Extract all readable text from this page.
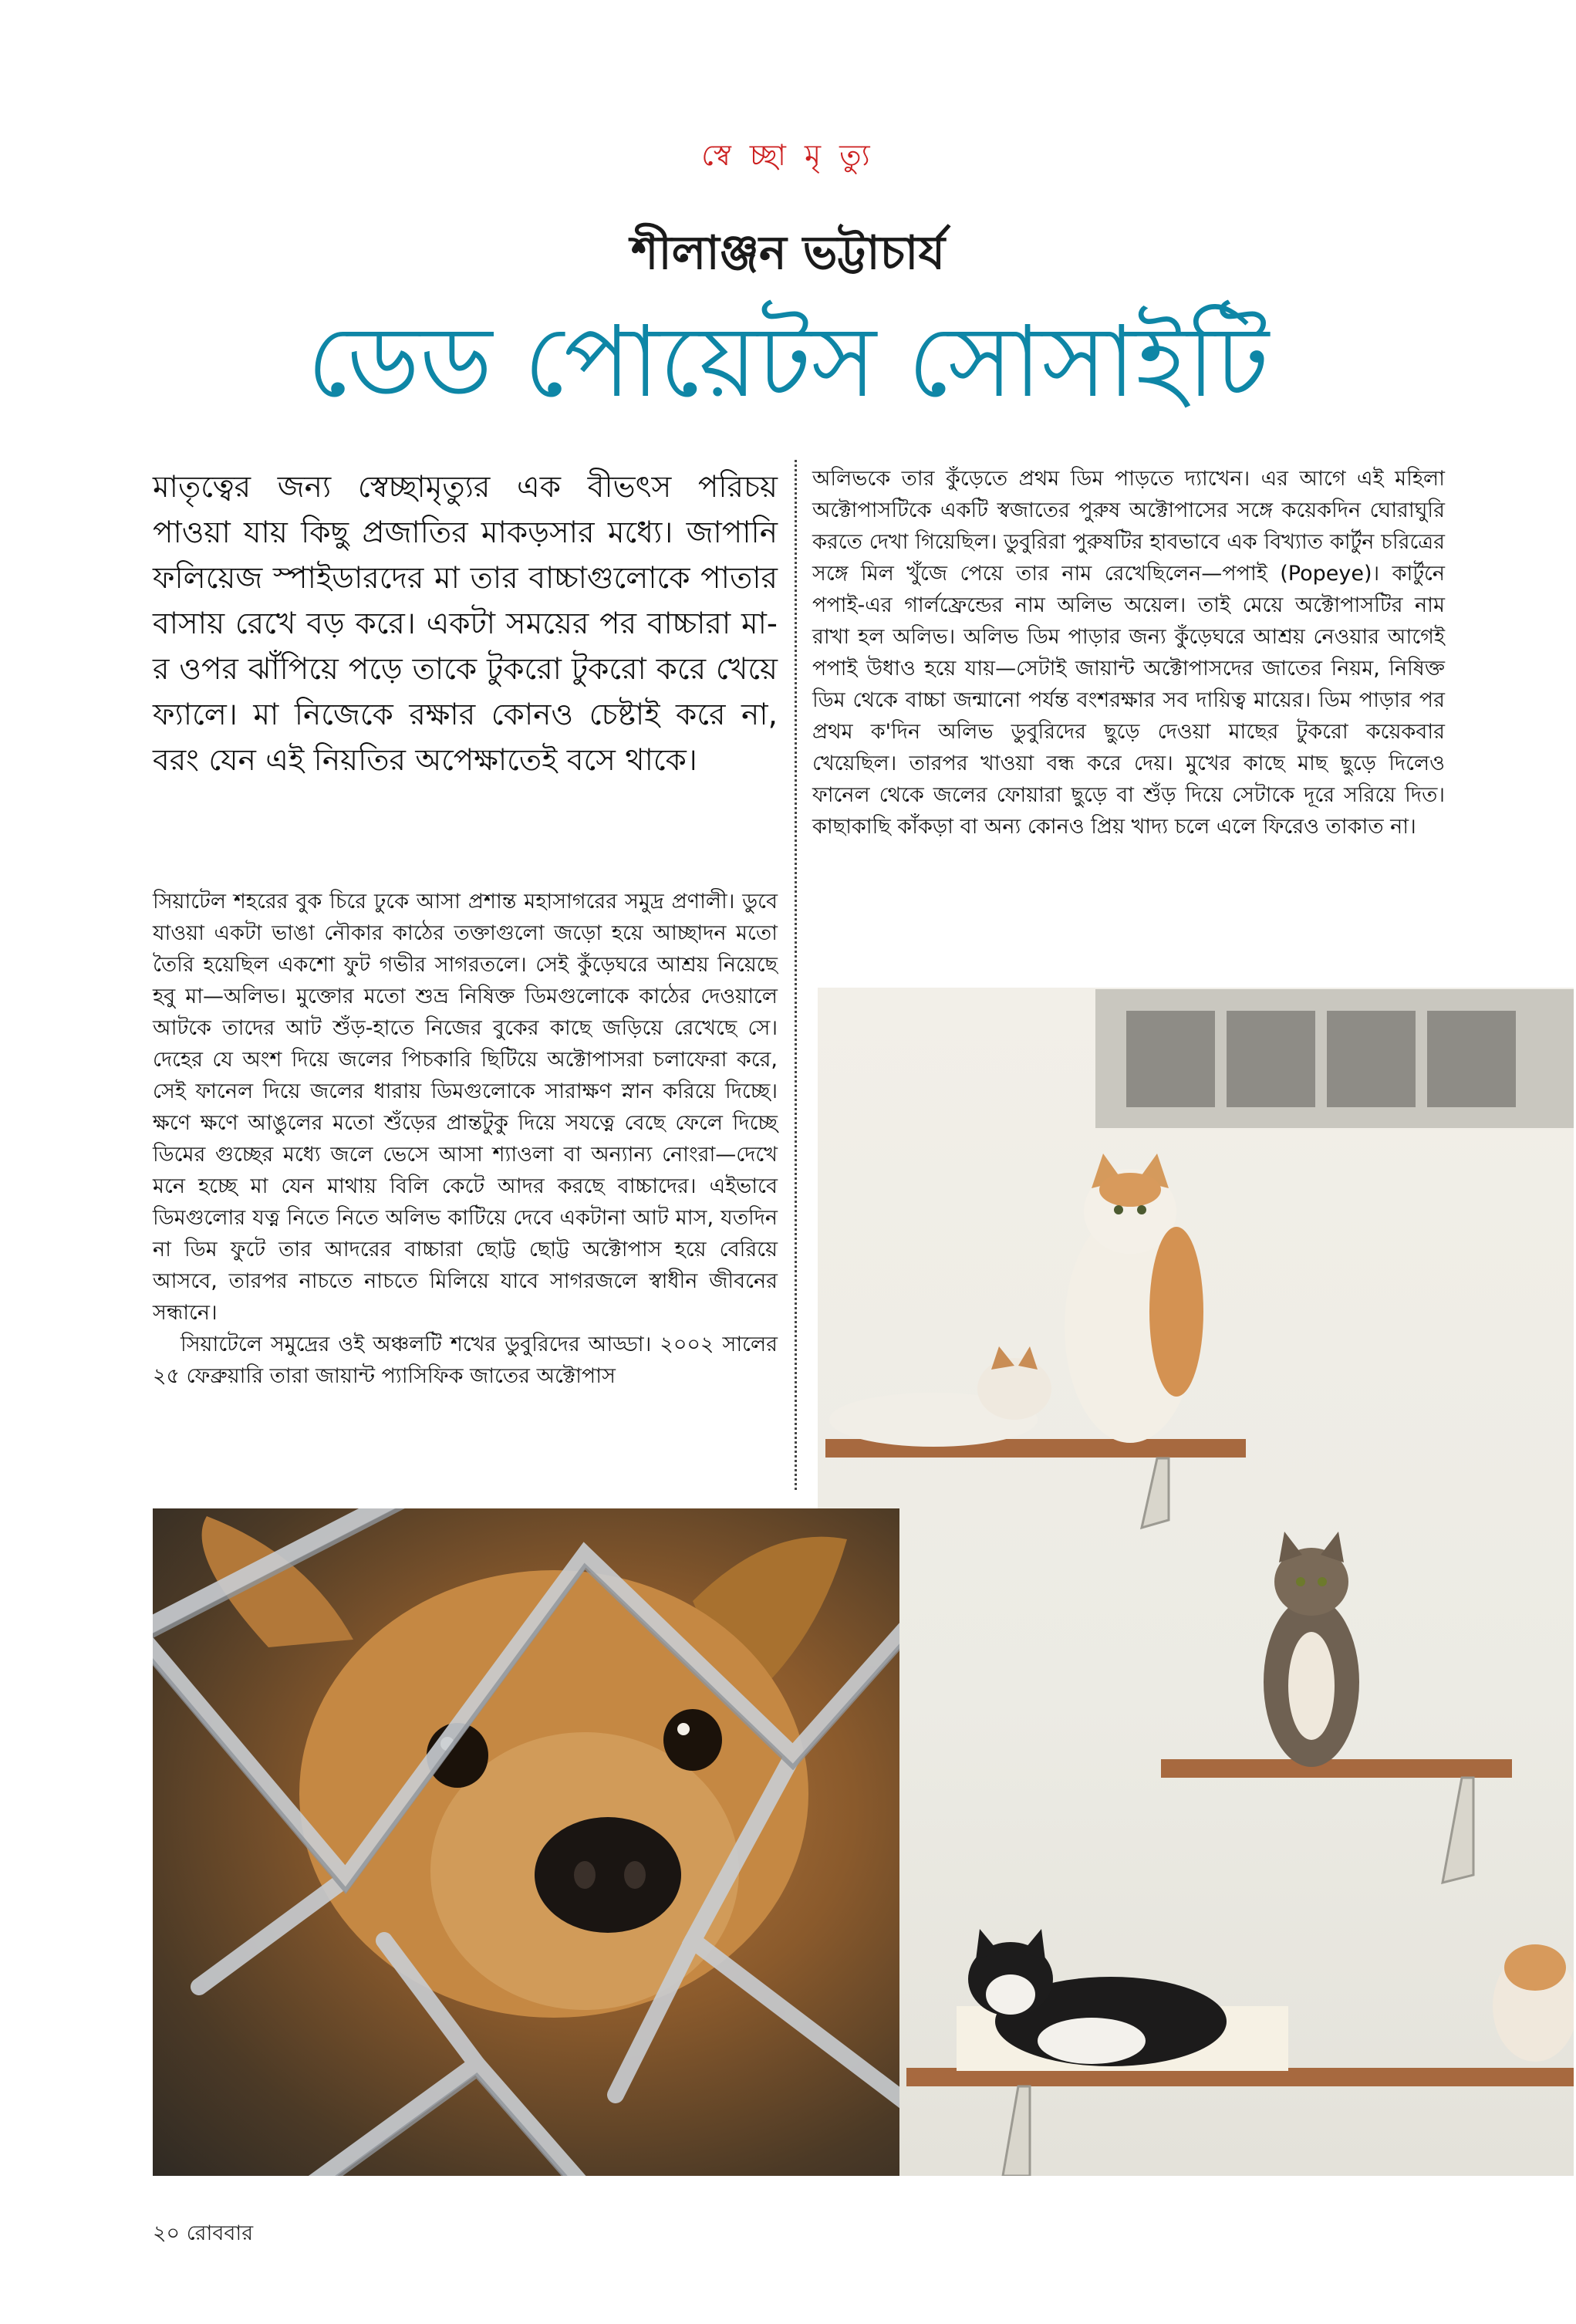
স্বে চ্ছা মৃ ত্যু
শীলাঞ্জন ভট্টাচার্য
ডেড পোয়েটস সোসাইটি

মাতৃত্বের জন্য স্বেচ্ছামৃত্যুর এক বীভৎস পরিচয় পাওয়া যায় কিছু প্রজাতির মাকড়সার মধ্যে। জাপানি ফলিয়েজ স্পাইডারদের মা তার বাচ্চাগুলোকে পাতার বাসায় রেখে বড় করে। একটা সময়ের পর বাচ্চারা মা-র ওপর ঝাঁপিয়ে পড়ে তাকে টুকরো টুকরো করে খেয়ে ফ্যালে। মা নিজেকে রক্ষার কোনও চেষ্টাই করে না, বরং যেন এই নিয়তির অপেক্ষাতেই বসে থাকে।

সিয়াটেল শহরের বুক চিরে ঢুকে আসা প্রশান্ত মহাসাগরের সমুদ্র প্রণালী। ডুবে যাওয়া একটা ভাঙা নৌকার কাঠের তক্তাগুলো জড়ো হয়ে আচ্ছাদন মতো তৈরি হয়েছিল একশো ফুট গভীর সাগরতলে। সেই কুঁড়েঘরে আশ্রয় নিয়েছে হবু মা—অলিভ। মুক্তোর মতো শুভ্র নিষিক্ত ডিমগুলোকে কাঠের দেওয়ালে আটকে তাদের আট শুঁড়-হাতে নিজের বুকের কাছে জড়িয়ে রেখেছে সে। দেহের যে অংশ দিয়ে জলের পিচকারি ছিটিয়ে অক্টোপাসরা চলাফেরা করে, সেই ফানেল দিয়ে জলের ধারায় ডিমগুলোকে সারাক্ষণ স্নান করিয়ে দিচ্ছে। ক্ষণে ক্ষণে আঙুলের মতো শুঁড়ের প্রান্তটুকু দিয়ে সযত্নে বেছে ফেলে দিচ্ছে ডিমের গুচ্ছের মধ্যে জলে ভেসে আসা শ্যাওলা বা অন্যান্য নোংরা—দেখে মনে হচ্ছে মা যেন মাথায় বিলি কেটে আদর করছে বাচ্চাদের। এইভাবে ডিমগুলোর যত্ন নিতে নিতে অলিভ কাটিয়ে দেবে একটানা আট মাস, যতদিন না ডিম ফুটে তার আদরের বাচ্চারা ছোট্ট ছোট্ট অক্টোপাস হয়ে বেরিয়ে আসবে, তারপর নাচতে নাচতে মিলিয়ে যাবে সাগরজলে স্বাধীন জীবনের সন্ধানে।

সিয়াটেলে সমুদ্রের ওই অঞ্চলটি শখের ডুবুরিদের আড্ডা। ২০০২ সালের ২৫ ফেব্রুয়ারি তারা জায়ান্ট প্যাসিফিক জাতের অক্টোপাস

অলিভকে তার কুঁড়েতে প্রথম ডিম পাড়তে দ্যাখেন। এর আগে এই মহিলা অক্টোপাসটিকে একটি স্বজাতের পুরুষ অক্টোপাসের সঙ্গে কয়েকদিন ঘোরাঘুরি করতে দেখা গিয়েছিল। ডুবুরিরা পুরুষটির হাবভাবে এক বিখ্যাত কার্টুন চরিত্রের সঙ্গে মিল খুঁজে পেয়ে তার নাম রেখেছিলেন—পপাই (Popeye)। কার্টুনে পপাই-এর গার্লফ্রেন্ডের নাম অলিভ অয়েল। তাই মেয়ে অক্টোপাসটির নাম রাখা হল অলিভ। অলিভ ডিম পাড়ার জন্য কুঁড়েঘরে আশ্রয় নেওয়ার আগেই পপাই উধাও হয়ে যায়—সেটাই জায়ান্ট অক্টোপাসদের জাতের নিয়ম, নিষিক্ত ডিম থেকে বাচ্চা জন্মানো পর্যন্ত বংশরক্ষার সব দায়িত্ব মায়ের। ডিম পাড়ার পর প্রথম ক'দিন অলিভ ডুবুরিদের ছুড়ে দেওয়া মাছের টুকরো কয়েকবার খেয়েছিল। তারপর খাওয়া বন্ধ করে দেয়। মুখের কাছে মাছ ছুড়ে দিলেও ফানেল থেকে জলের ফোয়ারা ছুড়ে বা শুঁড় দিয়ে সেটাকে দূরে সরিয়ে দিত। কাছাকাছি কাঁকড়া বা অন্য কোনও প্রিয় খাদ্য চলে এলে ফিরেও তাকাত না।

২০ রোববার
